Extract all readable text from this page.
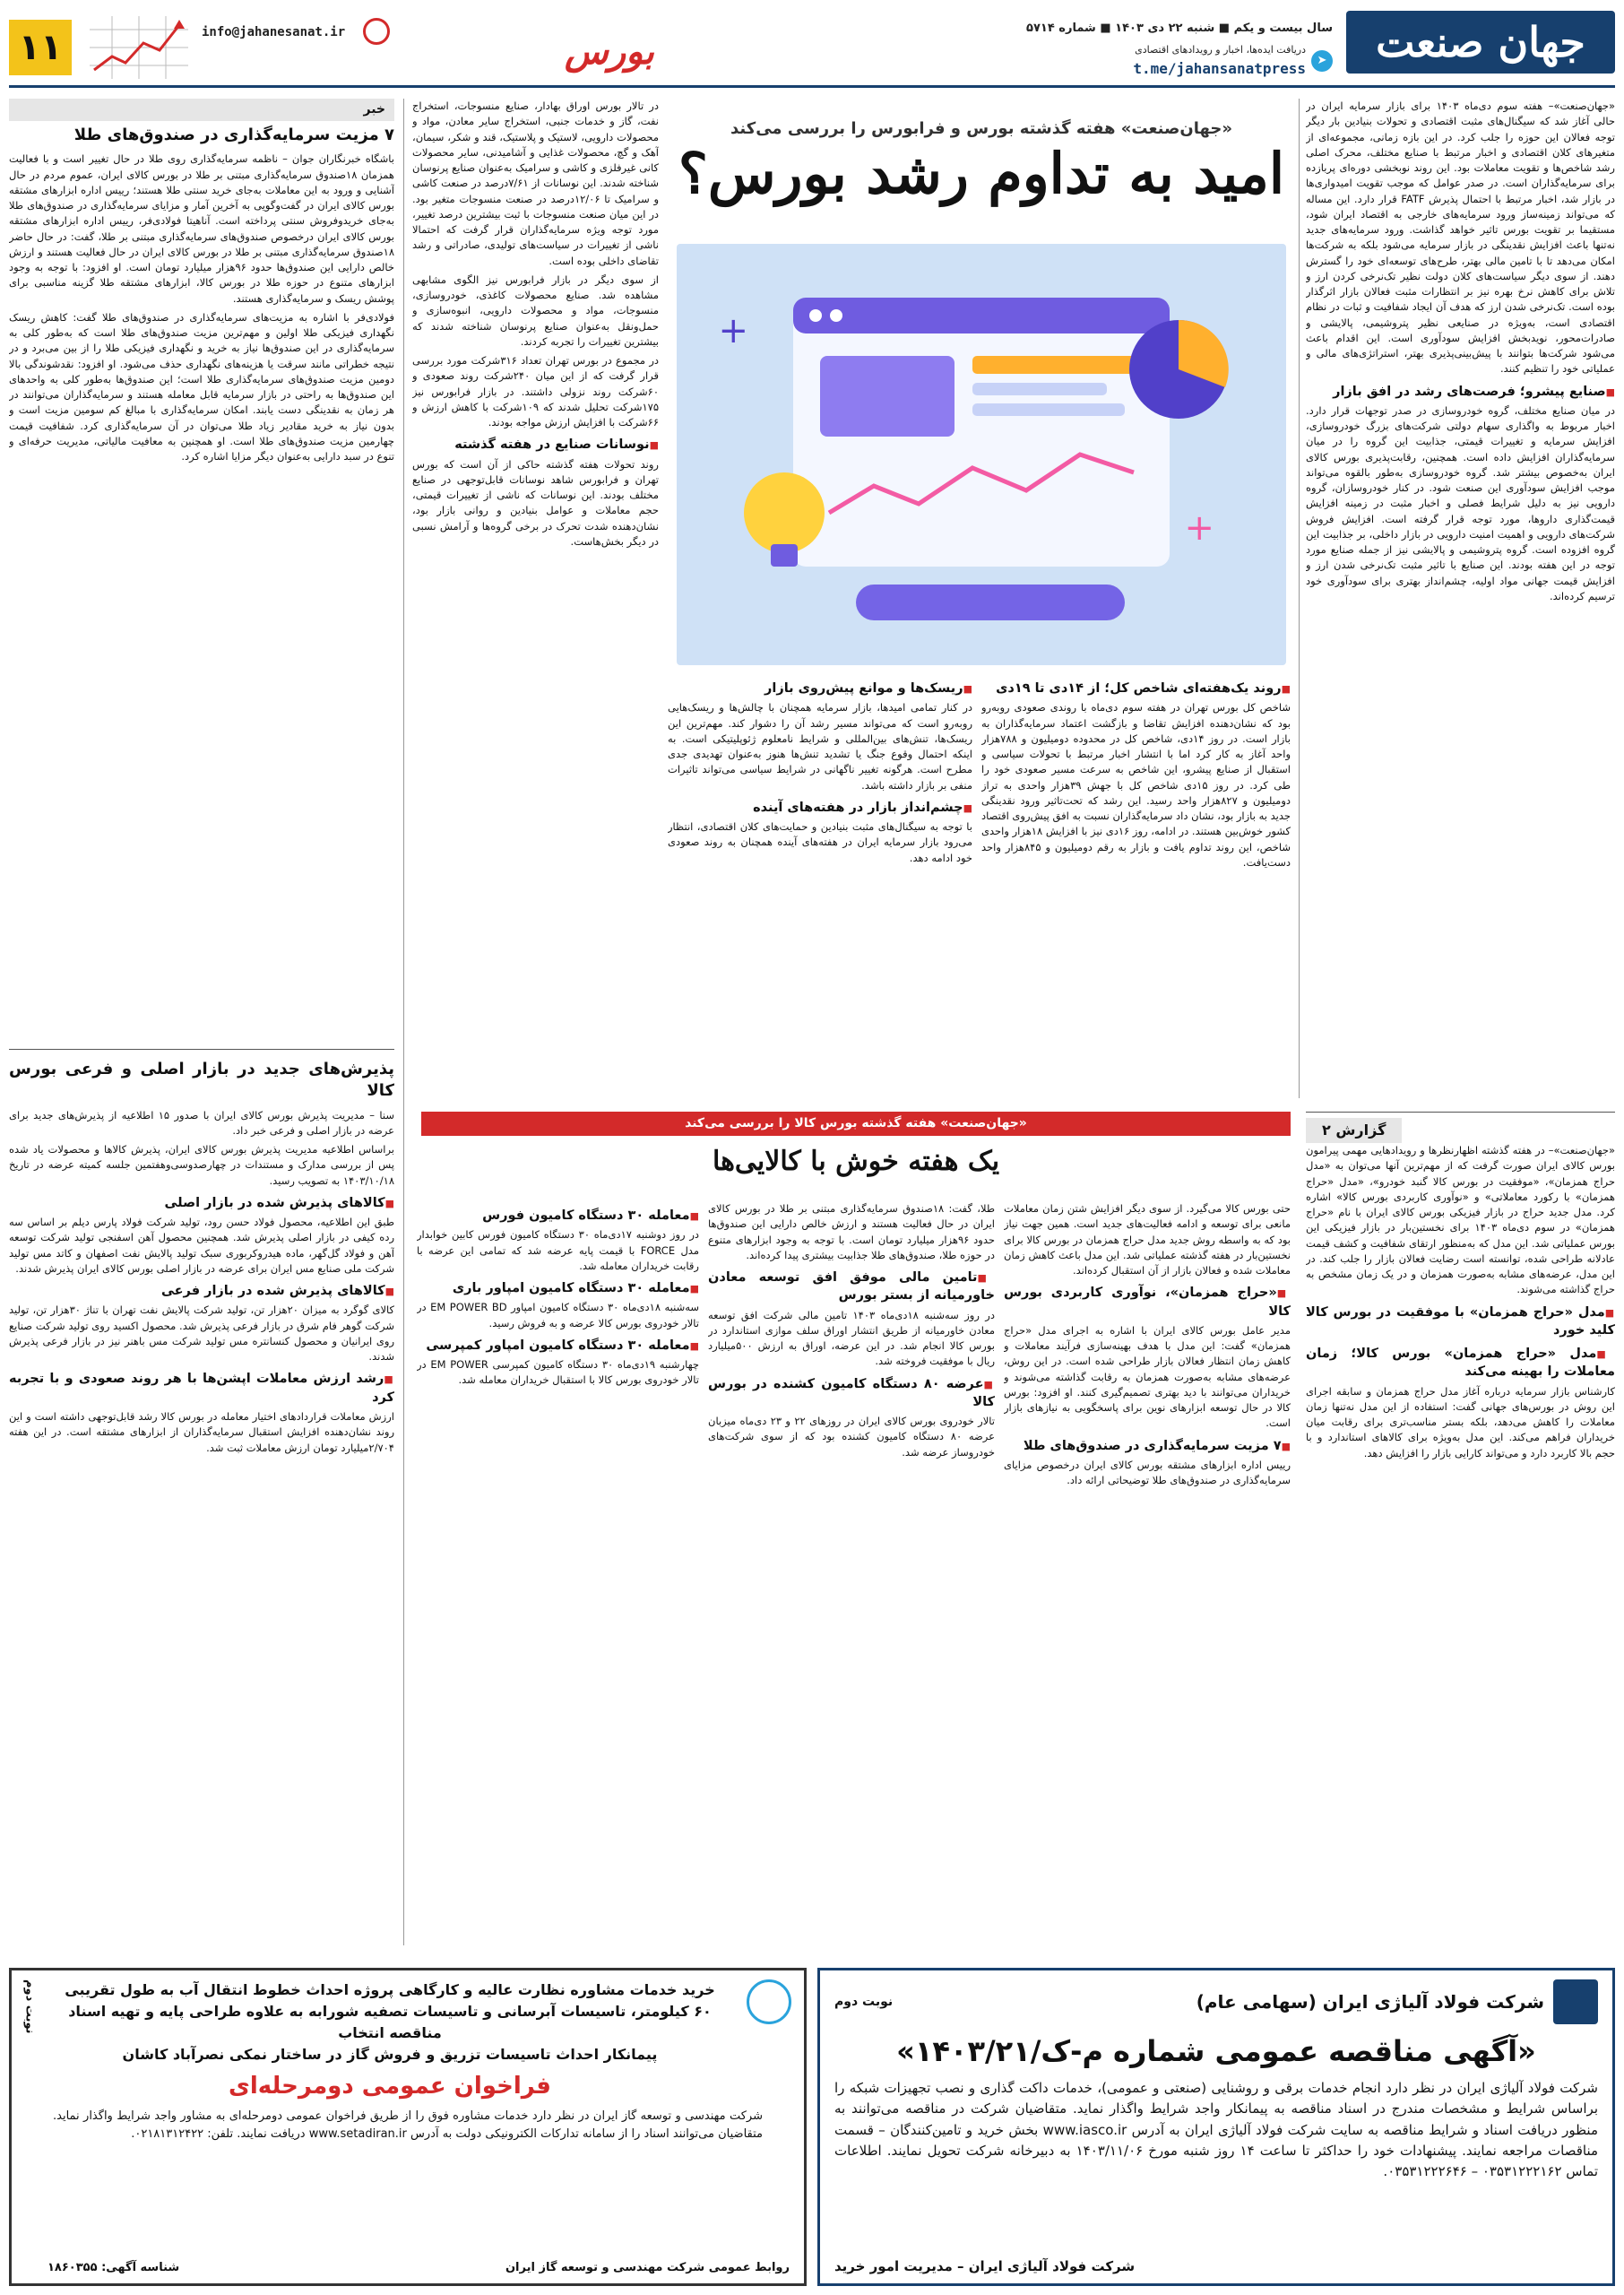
جهان صنعت
سال بیست و یکم ■ شنبه ۲۲ دی ۱۴۰۳ ■ شماره ۵۷۱۴
➤
دریافت ایده‌ها، اخبار و رویدادهای اقتصادی
t.me/jahansanatpress
بورس
info@jahanesanat.ir
۱۱
«جهان‌صنعت» هفته گذشته بورس و فرابورس را بررسی می‌کند
امید به تداوم رشد بورس؟
+
+

«جهان‌صنعت»– هفته سوم دی‌ماه ۱۴۰۳ برای بازار سرمایه ایران در حالی آغاز شد که سیگنال‌های مثبت اقتصادی و تحولات بنیادین بار دیگر توجه فعالان این حوزه را جلب کرد. در این بازه زمانی، مجموعه‌ای از متغیرهای کلان اقتصادی و اخبار مرتبط با صنایع مختلف، محرک اصلی رشد شاخص‌ها و تقویت معاملات بود. این روند نوبخشی دوره‌ای پربازده برای سرمایه‌گذاران است. در صدر عوامل که موجب تقویت امیدواری‌ها در بازار شد، اخبار مرتبط با احتمال پذیرش FATF قرار دارد. این مساله که می‌تواند زمینه‌ساز ورود سرمایه‌های خارجی به اقتصاد ایران شود، مستقیما بر تقویت بورس تاثیر خواهد گذاشت. ورود سرمایه‌های جدید نه‌تنها باعث افزایش نقدینگی در بازار سرمایه می‌شود بلکه به شرکت‌ها امکان می‌دهد تا با تامین مالی بهتر، طرح‌های توسعه‌ای خود را گسترش دهند. از سوی دیگر سیاست‌های کلان دولت نظیر تک‌نرخی کردن ارز و تلاش برای کاهش نرخ بهره نیز بر انتظارات مثبت فعالان بازار اثرگذار بوده است. تک‌نرخی شدن ارز که هدف آن ایجاد شفافیت و ثبات در نظام اقتصادی است، به‌ویژه در صنایعی نظیر پتروشیمی، پالایشی و صادرات‌محور، نویدبخش افزایش سودآوری است. این اقدام باعث می‌شود شرکت‌ها بتوانند با پیش‌بینی‌پذیری بهتر، استراتژی‌های مالی و عملیاتی خود را تنظیم کنند.

■ صنایع پیشرو؛ فرصت‌های رشد در افق بازار

در میان صنایع مختلف، گروه خودروسازی در صدر توجهات قرار دارد. اخبار مربوط به واگذاری سهام دولتی شرکت‌های بزرگ خودروسازی، افزایش سرمایه و تغییرات قیمتی، جذابیت این گروه را در میان سرمایه‌گذاران افزایش داده است. همچنین، رقابت‌پذیری بورس کالای ایران به‌خصوص بیشتر شد. گروه خودروسازی به‌طور بالقوه می‌تواند موجب افزایش سودآوری این صنعت شود. در کنار خودروسازان، گروه دارویی نیز به دلیل شرایط فصلی و اخبار مثبت در زمینه افزایش قیمت‌گذاری داروها، مورد توجه قرار گرفته است. افزایش فروش شرکت‌های دارویی و اهمیت امنیت دارویی در بازار داخلی، بر جذابیت این گروه افزوده است. گروه پتروشیمی و پالایشی نیز از جمله صنایع مورد توجه در این هفته بودند. این صنایع با تاثیر مثبت تک‌نرخی شدن ارز و افزایش قیمت جهانی مواد اولیه، چشم‌انداز بهتری برای سودآوری خود ترسیم کرده‌اند.

■ روند یک‌هفته‌ای شاخص کل؛ از ۱۴دی تا ۱۹دی

شاخص کل بورس تهران در هفته سوم دی‌ماه با روندی صعودی روبه‌رو بود که نشان‌دهنده افزایش تقاضا و بازگشت اعتماد سرمایه‌گذاران به بازار است. در روز ۱۴دی، شاخص کل در محدوده دومیلیون و ۷۸۸هزار واحد آغاز به کار کرد اما با انتشار اخبار مرتبط با تحولات سیاسی و استقبال از صنایع پیشرو، این شاخص به سرعت مسیر صعودی خود را طی کرد. در روز ۱۵دی شاخص کل با جهش ۳۹هزار واحدی به تراز دومیلیون و ۸۲۷هزار واحد رسید. این رشد که تحت‌تاثیر ورود نقدینگی جدید به بازار بود، نشان داد سرمایه‌گذاران نسبت به افق پیش‌روی اقتصاد کشور خوش‌بین هستند. در ادامه، روز ۱۶دی نیز با افزایش ۱۸هزار واحدی شاخص، این روند تداوم یافت و بازار به رقم دومیلیون و ۸۴۵هزار واحد دست‌یافت.

■ ریسک‌ها و موانع پیش‌روی بازار

در کنار تمامی امیدها، بازار سرمایه همچنان با چالش‌ها و ریسک‌هایی روبه‌رو است که می‌تواند مسیر رشد آن را دشوار کند. مهم‌ترین این ریسک‌ها، تنش‌های بین‌المللی و شرایط نامعلوم ژئوپلیتیکی است. به اینکه احتمال وقوع جنگ یا تشدید تنش‌ها هنوز به‌عنوان تهدیدی جدی مطرح است. هرگونه تغییر ناگهانی در شرایط سیاسی می‌تواند تاثیرات منفی بر بازار داشته باشد.

■ چشم‌انداز بازار در هفته‌های آینده

با توجه به سیگنال‌های مثبت بنیادین و حمایت‌های کلان اقتصادی، انتظار می‌رود بازار سرمایه ایران در هفته‌های آینده همچنان به روند صعودی خود ادامه دهد.

در تالار بورس اوراق بهادار، صنایع منسوجات، استخراج نفت، گاز و خدمات جنبی، استخراج سایر معادن، مواد و محصولات دارویی، لاستیک و پلاستیک، قند و شکر، سیمان، آهک و گچ، محصولات غذایی و آشامیدنی، سایر محصولات کانی غیرفلزی و کاشی و سرامیک به‌عنوان صنایع پرنوسان شناخته شدند. این نوسانات از ۷/۶۱درصد در صنعت کاشی و سرامیک تا ۱۲/۰۶درصد در صنعت منسوجات متغیر بود. در این میان صنعت منسوجات با ثبت بیشترین درصد تغییر، مورد توجه ویژه سرمایه‌گذاران قرار گرفت که احتمالا ناشی از تغییرات در سیاست‌های تولیدی، صادراتی و رشد تقاضای داخلی بوده است.

از سوی دیگر در بازار فرابورس نیز الگوی مشابهی مشاهده شد. صنایع محصولات کاغذی، خودروسازی، منسوجات، مواد و محصولات دارویی، انبوه‌سازی و حمل‌ونقل به‌عنوان صنایع پرنوسان شناخته شدند که بیشترین تغییرات را تجربه کردند.

در مجموع در بورس تهران تعداد ۳۱۶شرکت مورد بررسی قرار گرفت که از این میان ۲۴۰شرکت روند صعودی و ۶۰شرکت روند نزولی داشتند. در بازار فرابورس نیز ۱۷۵شرکت تحلیل شدند که ۱۰۹شرکت با کاهش ارزش و ۶۶شرکت با افزایش ارزش مواجه بودند.

■ نوسانات صنایع در هفته گذشته

روند تحولات هفته گذشته حاکی از آن است که بورس تهران و فرابورس شاهد نوسانات قابل‌توجهی در صنایع مختلف بودند. این نوسانات که ناشی از تغییرات قیمتی، حجم معاملات و عوامل بنیادین و روانی بازار بود، نشان‌دهنده شدت تحرک در برخی گروه‌ها و آرامش نسبی در دیگر بخش‌هاست.

خبر
۷ مزیت سرمایه‌گذاری در صندوق‌های طلا

باشگاه خبرنگاران جوان – ناظمه سرمایه‌گذاری روی طلا در حال تغییر است و با فعالیت همزمان ۱۸صندوق سرمایه‌گذاری مبتنی بر طلا در بورس کالای ایران، عموم مردم در حال آشنایی و ورود به این معاملات به‌جای خرید سنتی طلا هستند؛ رییس اداره ابزارهای مشتقه بورس کالای ایران در گفت‌وگویی به آخرین آمار و مزایای سرمایه‌گذاری در صندوق‌های طلا به‌جای خریدوفروش سنتی پرداخته است. آناهیتا فولادی‌فر، رییس اداره ابزارهای مشتقه بورس کالای ایران درخصوص صندوق‌های سرمایه‌گذاری مبتنی بر طلا، گفت: در حال حاضر ۱۸صندوق سرمایه‌گذاری مبتنی بر طلا در بورس کالای ایران در حال فعالیت هستند و ارزش خالص دارایی این صندوق‌ها حدود ۹۶هزار میلیارد تومان است. او افزود: با توجه به وجود ابزارهای متنوع در حوزه طلا در بورس کالا، ابزارهای مشتقه طلا گزینه مناسبی برای پوشش ریسک و سرمایه‌گذاری هستند.

فولادی‌فر با اشاره به مزیت‌های سرمایه‌گذاری در صندوق‌های طلا گفت: کاهش ریسک نگهداری فیزیکی طلا اولین و مهم‌ترین مزیت صندوق‌های طلا است که به‌طور کلی به سرمایه‌گذاری در این صندوق‌ها نیاز به خرید و نگهداری فیزیکی طلا را از بین می‌برد و در نتیجه خطراتی مانند سرقت یا هزینه‌های نگهداری حذف می‌شود. او افزود: نقدشوندگی بالا دومین مزیت صندوق‌های سرمایه‌گذاری طلا است؛ این صندوق‌ها به‌طور کلی به واحدهای این صندوق‌ها به راحتی در بازار سرمایه قابل معامله هستند و سرمایه‌گذاران می‌توانند در هر زمان به نقدینگی دست یابند. امکان سرمایه‌گذاری با مبالغ کم سومین مزیت است و بدون نیاز به خرید مقادیر زیاد طلا می‌توان در آن سرمایه‌گذاری کرد. شفافیت قیمت چهارمین مزیت صندوق‌های طلا است. او همچنین به معافیت مالیاتی، مدیریت حرفه‌ای و تنوع در سبد دارایی به‌عنوان دیگر مزایا اشاره کرد.

پذیرش‌های جدید در بازار اصلی و فرعی بورس کالا

سنا – مدیریت پذیرش بورس کالای ایران با صدور ۱۵ اطلاعیه از پذیرش‌های جدید برای عرضه در بازار اصلی و فرعی خبر داد.

براساس اطلاعیه مدیریت پذیرش بورس کالای ایران، پذیرش کالاها و محصولات یاد شده پس از بررسی مدارک و مستندات در چهارصدوسی‌وهفتمین جلسه کمیته عرضه در تاریخ ۱۴۰۳/۱۰/۱۸ به تصویب رسید.

■ کالاهای پذیرش شده در بازار اصلی

طبق این اطلاعیه، محصول فولاد حسن رود، تولید شرکت فولاد پارس دیلم بر اساس سه رده کیفی در بازار اصلی پذیرش شد. همچنین محصول آهن اسفنجی تولید شرکت توسعه آهن و فولاد گل‌گهر، ماده هیدروکربوری سبک تولید پالایش نفت اصفهان و کاتد مس تولید شرکت ملی صنایع مس ایران برای عرضه در بازار اصلی بورس کالای ایران پذیرش شدند.

■ کالاهای پذیرش شده در بازار فرعی

کالای گوگرد به میزان ۲۰هزار تن، تولید شرکت پالایش نفت تهران با تناژ ۳۰هزار تن، تولید شرکت گوهر فام شرق در بازار فرعی پذیرش شد. محصول اکسید روی تولید شرکت صنایع روی ایرانیان و محصول کنسانتره مس تولید شرکت مس باهنر نیز در بازار فرعی پذیرش شدند.

■ رشد ارزش معاملات اپشن‌ها با هر روند صعودی و با تجربه کرد

ارزش معاملات قراردادهای اختیار معامله در بورس کالا رشد قابل‌توجهی داشته است و این روند نشان‌دهنده افزایش استقبال سرمایه‌گذاران از ابزارهای مشتقه است. در این هفته ۲/۷۰۴میلیارد تومان ارزش معاملات ثبت شد.

گزارش ۲

«جهان‌صنعت»– در هفته گذشته اظهارنظرها و رویدادهایی مهمی پیرامون بورس کالای ایران صورت گرفت که از مهم‌ترین آنها می‌توان به «مدل حراج همزمان»، «موفقیت در بورس کالا گنبد خودرو»، «مدل «حراج همزمان» با رکورد معاملاتی» و «نوآوری کاربردی بورس کالا» اشاره کرد. مدل جدید حراج در بازار فیزیکی بورس کالای ایران با نام «حراج همزمان» در سوم دی‌ماه ۱۴۰۳ برای نخستین‌بار در بازار فیزیکی این بورس عملیاتی شد. این مدل که به‌منظور ارتقای شفافیت و کشف قیمت عادلانه طراحی شده، توانسته است رضایت فعالان بازار را جلب کند. در این مدل، عرضه‌های مشابه به‌صورت همزمان و در یک زمان مشخص به حراج گذاشته می‌شوند.

■ مدل «حراج همزمان» با موفقیت در بورس کالا کلید خورد
■ مدل «حراج همزمان» بورس کالا؛ زمان معاملات را بهینه می‌کند

کارشناس بازار سرمایه درباره آغاز مدل حراج همزمان و سابقه اجرای این روش در بورس‌های جهانی گفت: استفاده از این مدل نه‌تنها زمان معاملات را کاهش می‌دهد، بلکه بستر مناسب‌تری برای رقابت میان خریداران فراهم می‌کند. این مدل به‌ویژه برای کالاهای استاندارد و با حجم بالا کاربرد دارد و می‌تواند کارایی بازار را افزایش دهد.

«جهان‌صنعت» هفته گذشته بورس کالا را بررسی می‌کند
یک هفته خوش با کالایی‌ها

حتی بورس کالا می‌گیرد. از سوی دیگر افزایش شتن زمان معاملات مانعی برای توسعه و ادامه فعالیت‌های جدید است. همین جهت نیاز بود که به واسطه روش جدید مدل حراج همزمان در بورس کالا برای نخستین‌بار در هفته گذشته عملیاتی شد. این مدل باعث کاهش زمان معاملات شده و فعالان بازار از آن استقبال کرده‌اند.

■ «حراج همزمان»، نوآوری کاربردی بورس کالا

مدیر عامل بورس کالای ایران با اشاره به اجرای مدل «حراج همزمان» گفت: این مدل با هدف بهینه‌سازی فرآیند معاملات و کاهش زمان انتظار فعالان بازار طراحی شده است. در این روش، عرضه‌های مشابه به‌صورت همزمان به رقابت گذاشته می‌شوند و خریداران می‌توانند با دید بهتری تصمیم‌گیری کنند. او افزود: بورس کالا در حال توسعه ابزارهای نوین برای پاسخگویی به نیازهای بازار است.

■ ۷ مزیت سرمایه‌گذاری در صندوق‌های طلا

رییس اداره ابزارهای مشتقه بورس کالای ایران درخصوص مزایای سرمایه‌گذاری در صندوق‌های طلا توضیحاتی ارائه داد.

طلا، گفت: ۱۸صندوق سرمایه‌گذاری مبتنی بر طلا در بورس کالای ایران در حال فعالیت هستند و ارزش خالص دارایی این صندوق‌ها حدود ۹۶هزار میلیارد تومان است. با توجه به وجود ابزارهای متنوع در حوزه طلا، صندوق‌های طلا جذابیت بیشتری پیدا کرده‌اند.

■ تامین مالی موفق افق توسعه معادن خاورمیانه از بستر بورس

در روز سه‌شنبه ۱۸دی‌ماه ۱۴۰۳ تامین مالی شرکت افق توسعه معادن خاورمیانه از طریق انتشار اوراق سلف موازی استاندارد در بورس کالا انجام شد. در این عرضه، اوراق به ارزش ۵۰۰میلیارد ریال با موفقیت فروخته شد.

■ عرضه ۸۰ دستگاه کامیون کشنده در بورس کالا

تالار خودروی بورس کالای ایران در روزهای ۲۲ و ۲۳ دی‌ماه میزبان عرضه ۸۰ دستگاه کامیون کشنده بود که از سوی شرکت‌های خودروساز عرضه شد.

■ معامله ۳۰ دستگاه کامیون فورس

در روز دوشنبه ۱۷دی‌ماه ۳۰ دستگاه کامیون فورس کابین خوابدار مدل FORCE با قیمت پایه عرضه شد که تمامی این عرضه با رقابت خریداران معامله شد.

■ معامله ۳۰ دستگاه کامیون امپاور باری

سه‌شنبه ۱۸دی‌ماه ۳۰ دستگاه کامیون امپاور EM POWER BD در تالار خودروی بورس کالا عرضه و به فروش رسید.

■ معامله ۳۰ دستگاه کامیون امپاور کمپرسی

چهارشنبه ۱۹دی‌ماه ۳۰ دستگاه کامیون کمپرسی EM POWER در تالار خودروی بورس کالا با استقبال خریداران معامله شد.

شرکت فولاد آلیاژی ایران (سهامی عام)
نوبت دوم
«آگهی مناقصه عمومی شماره م-ک/۱۴۰۳/۲۱»

شرکت فولاد آلیاژی ایران در نظر دارد انجام خدمات برقی و روشنایی (صنعتی و عمومی)، خدمات داکت گذاری و نصب تجهیزات شبکه را براساس شرایط و مشخصات مندرج در اسناد مناقصه به پیمانکار واجد شرایط واگذار نماید. متقاضیان شرکت در مناقصه می‌توانند به منظور دریافت اسناد و شرایط مناقصه به سایت شرکت فولاد آلیاژی ایران به آدرس www.iasco.ir بخش خرید و تامین‌کنندگان – قسمت مناقصات مراجعه نمایند. پیشنهادات خود را حداکثر تا ساعت ۱۴ روز شنبه مورخ ۱۴۰۳/۱۱/۰۶ به دبیرخانه شرکت تحویل نمایند. اطلاعات تماس ۰۳۵۳۱۲۲۲۱۶۲ – ۰۳۵۳۱۲۲۲۶۴۶.

شرکت فولاد آلیاژی ایران – مدیریت امور خرید
نوبت دوم	خرید خدمات مشاوره نظارت عالیه و کارگاهی پروژه احداث خطوط انتقال آب به طول تقریبی
۶۰ کیلومتر، تاسیسات آبرسانی و تاسیسات تصفیه شورابه به علاوه طراحی پایه و تهیه اسناد مناقصه انتخاب
پیمانکار احداث تاسیسات تزریق و فروش گاز در ساختار نمکی نصرآباد کاشان
فراخوان عمومی دومرحله‌ای

شرکت مهندسی و توسعه گاز ایران در نظر دارد خدمات مشاوره فوق را از طریق فراخوان عمومی دومرحله‌ای به مشاور واجد شرایط واگذار نماید. متقاضیان می‌توانند اسناد را از سامانه تدارکات الکترونیکی دولت به آدرس www.setadiran.ir دریافت نمایند. تلفن: ۰۲۱۸۱۳۱۲۴۲۲.

روابط عمومی شرکت مهندسی و توسعه گاز ایران
شناسه آگهی: ۱۸۶۰۳۵۵
